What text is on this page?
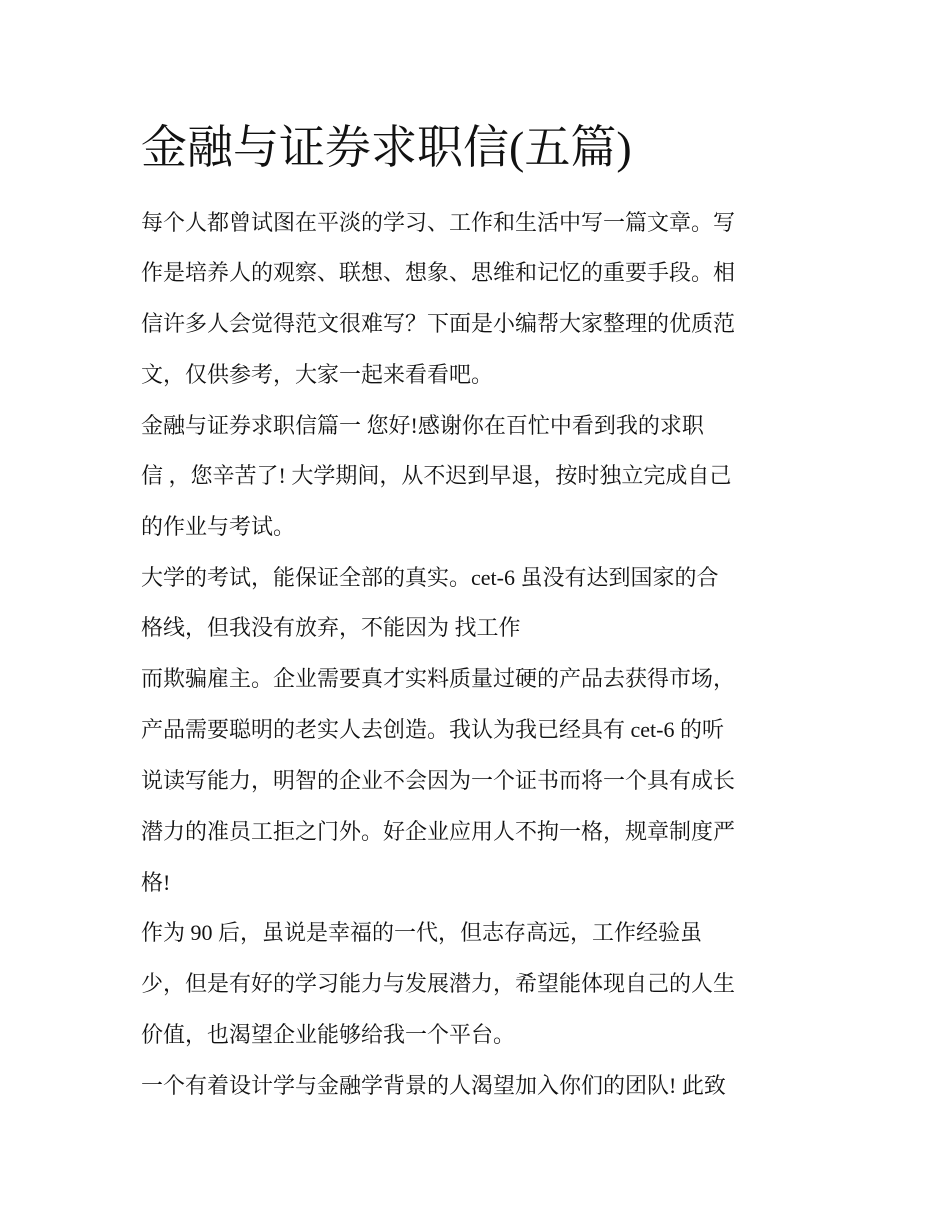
金融与证券求职信(五篇)

每个人都曾试图在平淡的学习、工作和生活中写一篇文章。写

作是培养人的观察、联想、想象、思维和记忆的重要手段。相

信许多人会觉得范文很难写？下面是小编帮大家整理的优质范

文，仅供参考，大家一起来看看吧。

金融与证券求职信篇一 您好!感谢你在百忙中看到我的求职

信 ，您辛苦了! 大学期间，从不迟到早退，按时独立完成自己

的作业与考试。

大学的考试，能保证全部的真实。cet-6 虽没有达到国家的合

格线，但我没有放弃，不能因为 找工作

而欺骗雇主。企业需要真才实料质量过硬的产品去获得市场，

产品需要聪明的老实人去创造。我认为我已经具有 cet-6 的听

说读写能力，明智的企业不会因为一个证书而将一个具有成长

潜力的准员工拒之门外。好企业应用人不拘一格，规章制度严

格!

作为 90 后，虽说是幸福的一代，但志存高远，工作经验虽

少，但是有好的学习能力与发展潜力，希望能体现自己的人生

价值，也渴望企业能够给我一个平台。

一个有着设计学与金融学背景的人渴望加入你们的团队! 此致
